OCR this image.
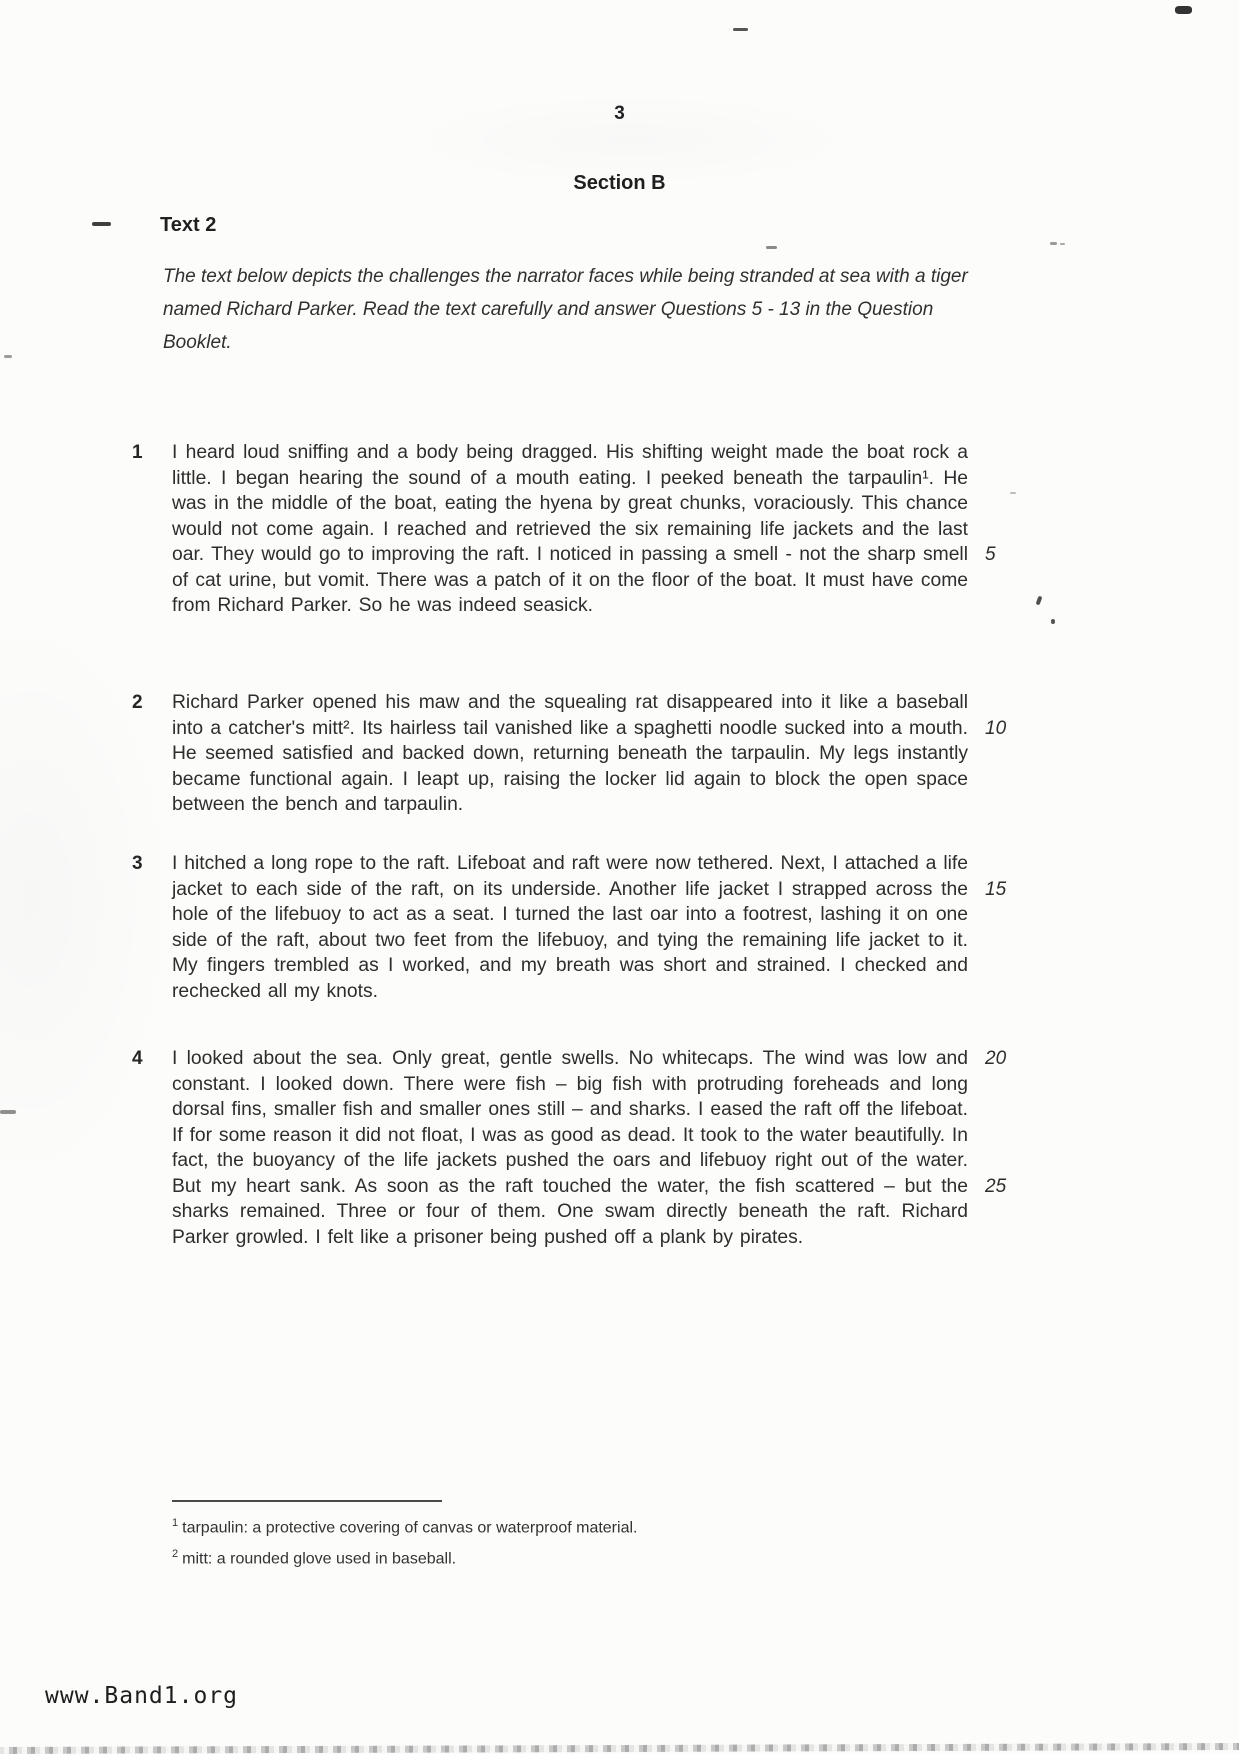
3
Section B
Text 2
The text below depicts the challenges the narrator faces while being stranded at sea with a tiger named Richard Parker. Read the text carefully and answer Questions 5 - 13 in the Question Booklet.
1	I heard loud sniffing and a body being dragged. His shifting weight made the boat rock a little. I began hearing the sound of a mouth eating. I peeked beneath the tarpaulin¹. He was in the middle of the boat, eating the hyena by great chunks, voraciously. This chance would not come again. I reached and retrieved the six remaining life jackets and the last oar. They would go to improving the raft. I noticed in passing a smell - not the sharp smell of cat urine, but vomit. There was a patch of it on the floor of the boat. It must have come from Richard Parker. So he was indeed seasick.
5
2	Richard Parker opened his maw and the squealing rat disappeared into it like a baseball into a catcher's mitt². Its hairless tail vanished like a spaghetti noodle sucked into a mouth. He seemed satisfied and backed down, returning beneath the tarpaulin. My legs instantly became functional again. I leapt up, raising the locker lid again to block the open space between the bench and tarpaulin.
10
3	I hitched a long rope to the raft. Lifeboat and raft were now tethered. Next, I attached a life jacket to each side of the raft, on its underside. Another life jacket I strapped across the hole of the lifebuoy to act as a seat. I turned the last oar into a footrest, lashing it on one side of the raft, about two feet from the lifebuoy, and tying the remaining life jacket to it. My fingers trembled as I worked, and my breath was short and strained. I checked and rechecked all my knots.
15
4	I looked about the sea. Only great, gentle swells. No whitecaps. The wind was low and constant. I looked down. There were fish – big fish with protruding foreheads and long dorsal fins, smaller fish and smaller ones still – and sharks. I eased the raft off the lifeboat. If for some reason it did not float, I was as good as dead. It took to the water beautifully. In fact, the buoyancy of the life jackets pushed the oars and lifebuoy right out of the water. But my heart sank. As soon as the raft touched the water, the fish scattered – but the sharks remained. Three or four of them. One swam directly beneath the raft. Richard Parker growled. I felt like a prisoner being pushed off a plank by pirates.
20
25
$^1$ tarpaulin: a protective covering of canvas or waterproof material.
$^2$ mitt: a rounded glove used in baseball.
www.Band1.org
